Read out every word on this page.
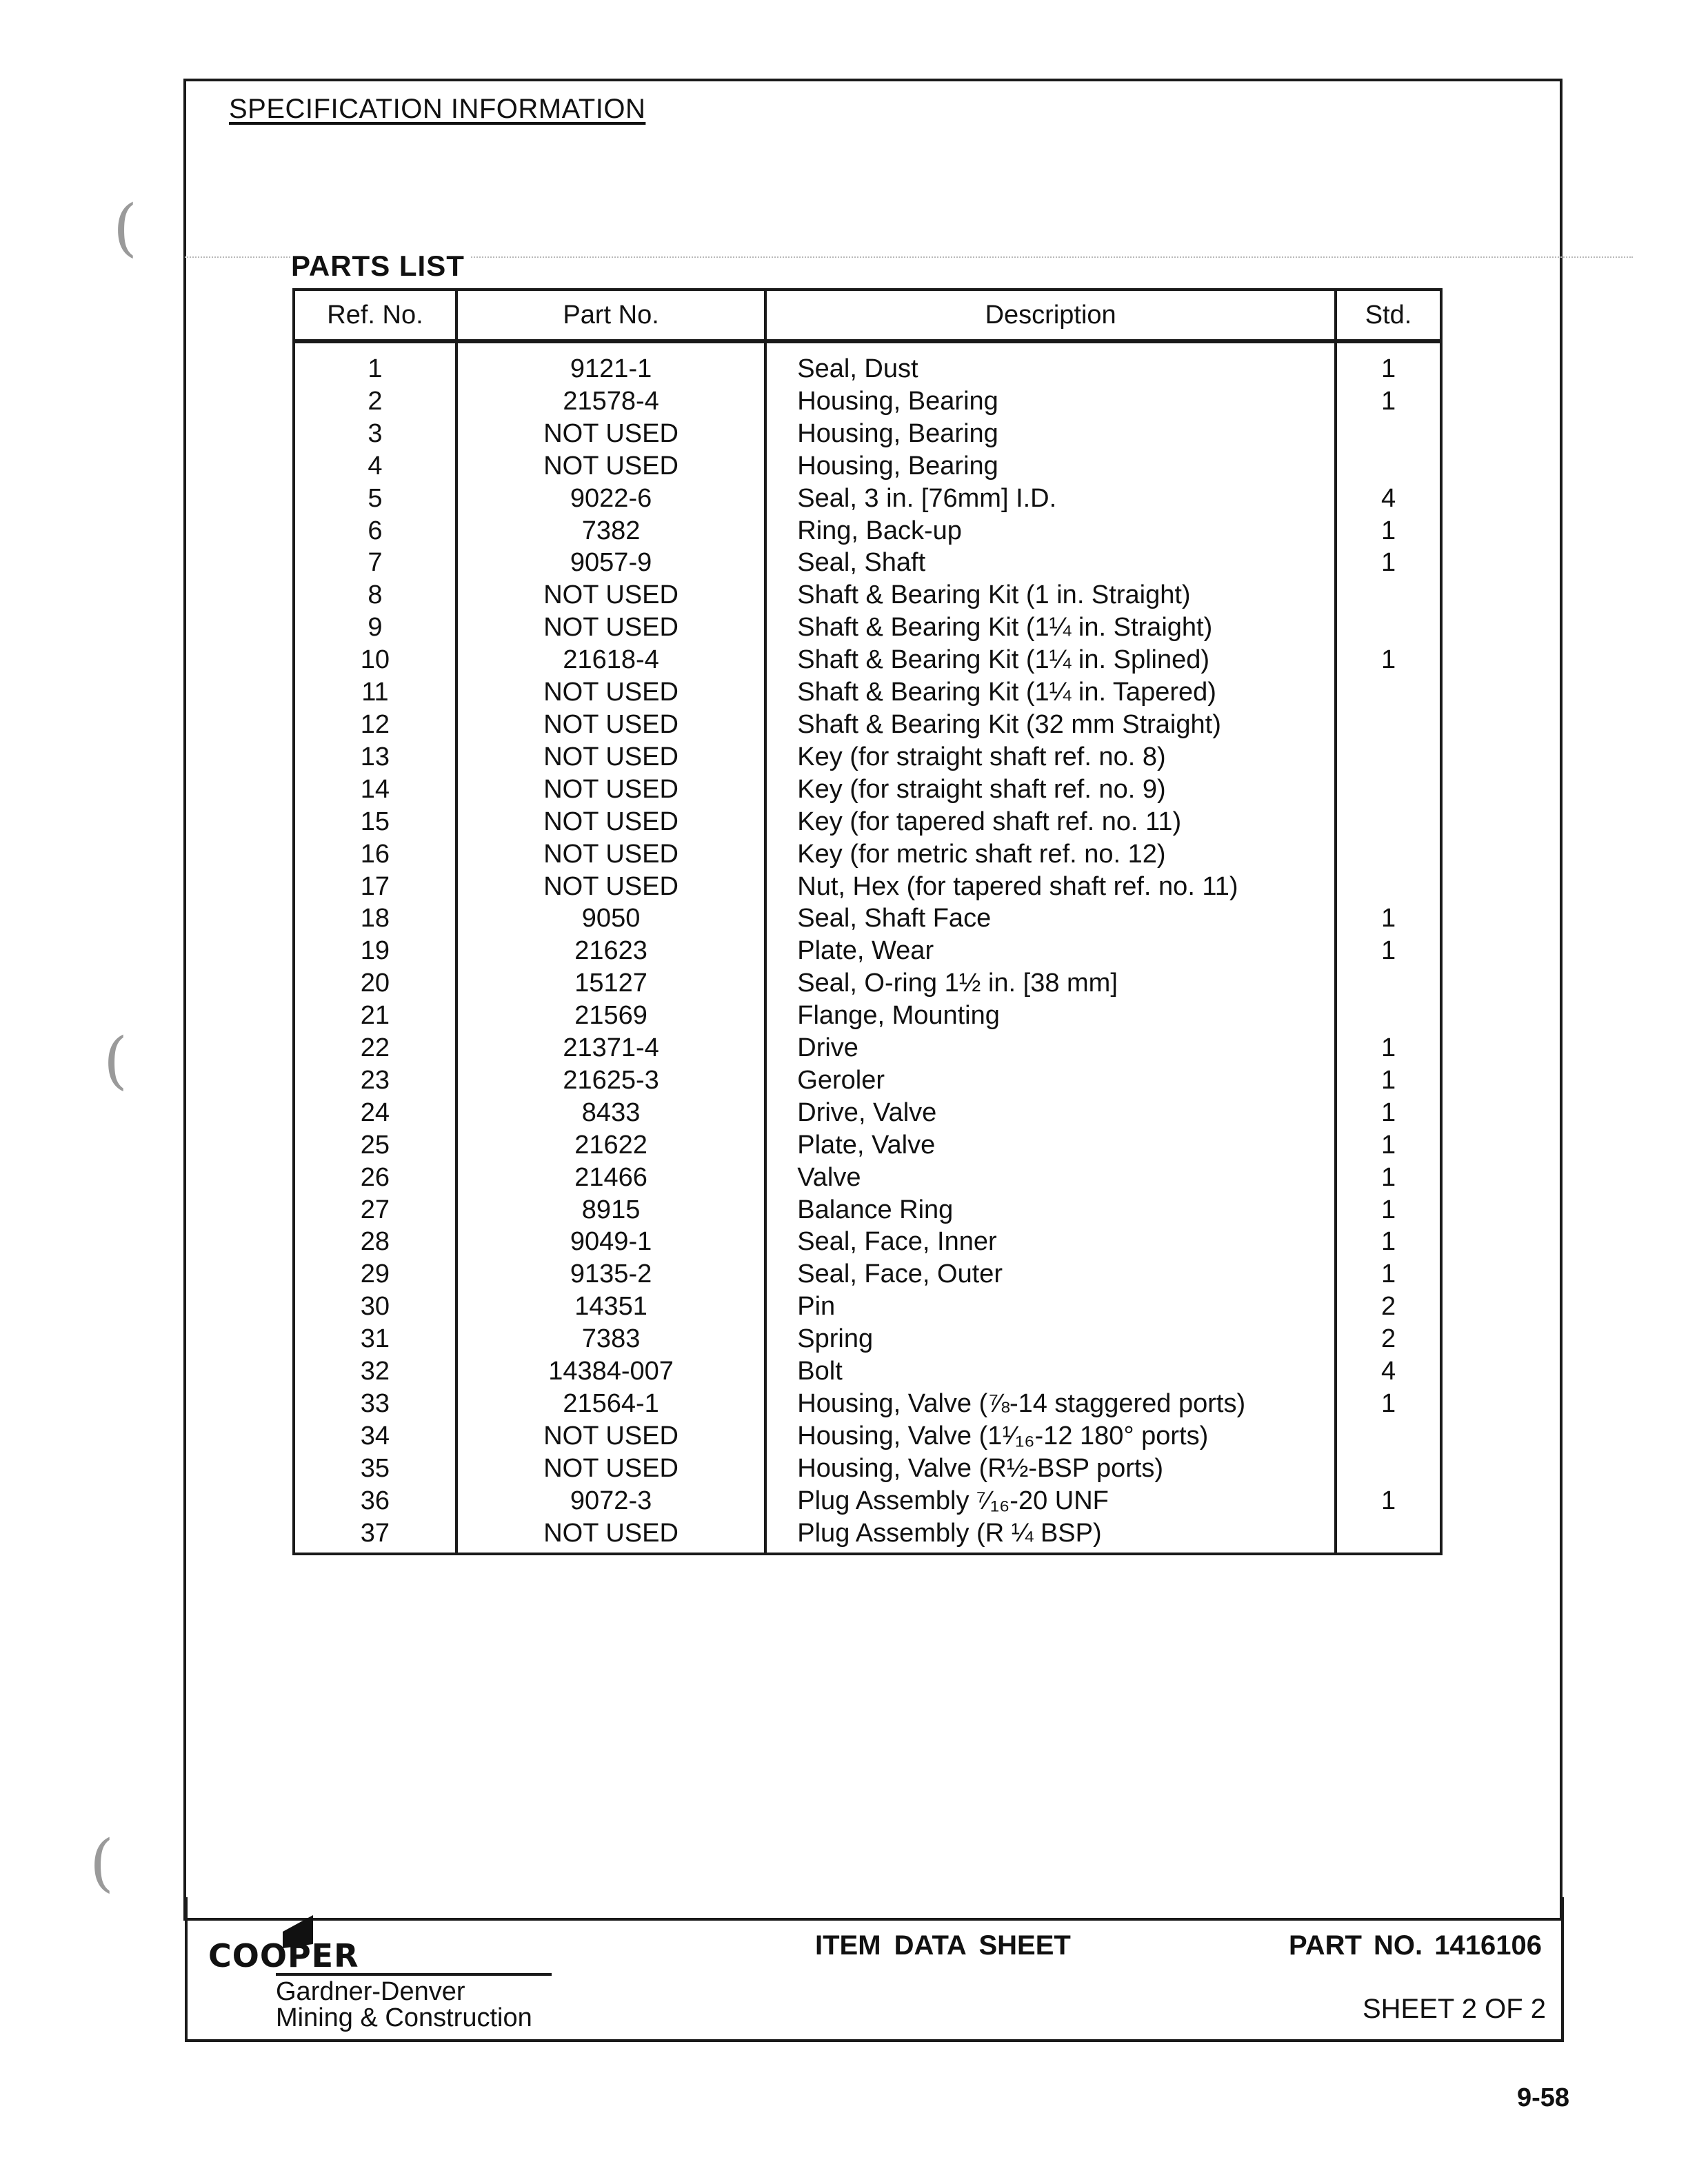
(
(
(
SPECIFICATION INFORMATION
PARTS LIST
Ref. No.	Part No.	Description	Std.
1	9121-1	Seal, Dust	1
2	21578-4	Housing, Bearing	1
3	NOT USED	Housing, Bearing	
4	NOT USED	Housing, Bearing	
5	9022-6	Seal, 3 in. [76mm] I.D.	4
6	7382	Ring, Back-up	1
7	9057-9	Seal, Shaft	1
8	NOT USED	Shaft & Bearing Kit (1 in. Straight)	
9	NOT USED	Shaft & Bearing Kit (1¼ in. Straight)	
10	21618-4	Shaft & Bearing Kit (1¼ in. Splined)	1
11	NOT USED	Shaft & Bearing Kit (1¼ in. Tapered)	
12	NOT USED	Shaft & Bearing Kit (32 mm Straight)	
13	NOT USED	Key (for straight shaft ref. no. 8)	
14	NOT USED	Key (for straight shaft ref. no. 9)	
15	NOT USED	Key (for tapered shaft ref. no. 11)	
16	NOT USED	Key (for metric shaft ref. no. 12)	
17	NOT USED	Nut, Hex (for tapered shaft ref. no. 11)	
18	9050	Seal, Shaft Face	1
19	21623	Plate, Wear	1
20	15127	Seal, O-ring 1½ in. [38 mm]	
21	21569	Flange, Mounting	
22	21371-4	Drive	1
23	21625-3	Geroler	1
24	8433	Drive, Valve	1
25	21622	Plate, Valve	1
26	21466	Valve	1
27	8915	Balance Ring	1
28	9049-1	Seal, Face, Inner	1
29	9135-2	Seal, Face, Outer	1
30	14351	Pin	2
31	7383	Spring	2
32	14384-007	Bolt	4
33	21564-1	Housing, Valve (⅞-14 staggered ports)	1
34	NOT USED	Housing, Valve (1¹⁄₁₆-12 180° ports)	
35	NOT USED	Housing, Valve (R½-BSP ports)	
36	9072-3	Plug Assembly ⁷⁄₁₆-20 UNF	1
37	NOT USED	Plug Assembly (R ¼ BSP)	
COOPER
Gardner-Denver
Mining & Construction
ITEM DATA SHEET	PART NO. 1416106
SHEET 2 OF 2
9-58
